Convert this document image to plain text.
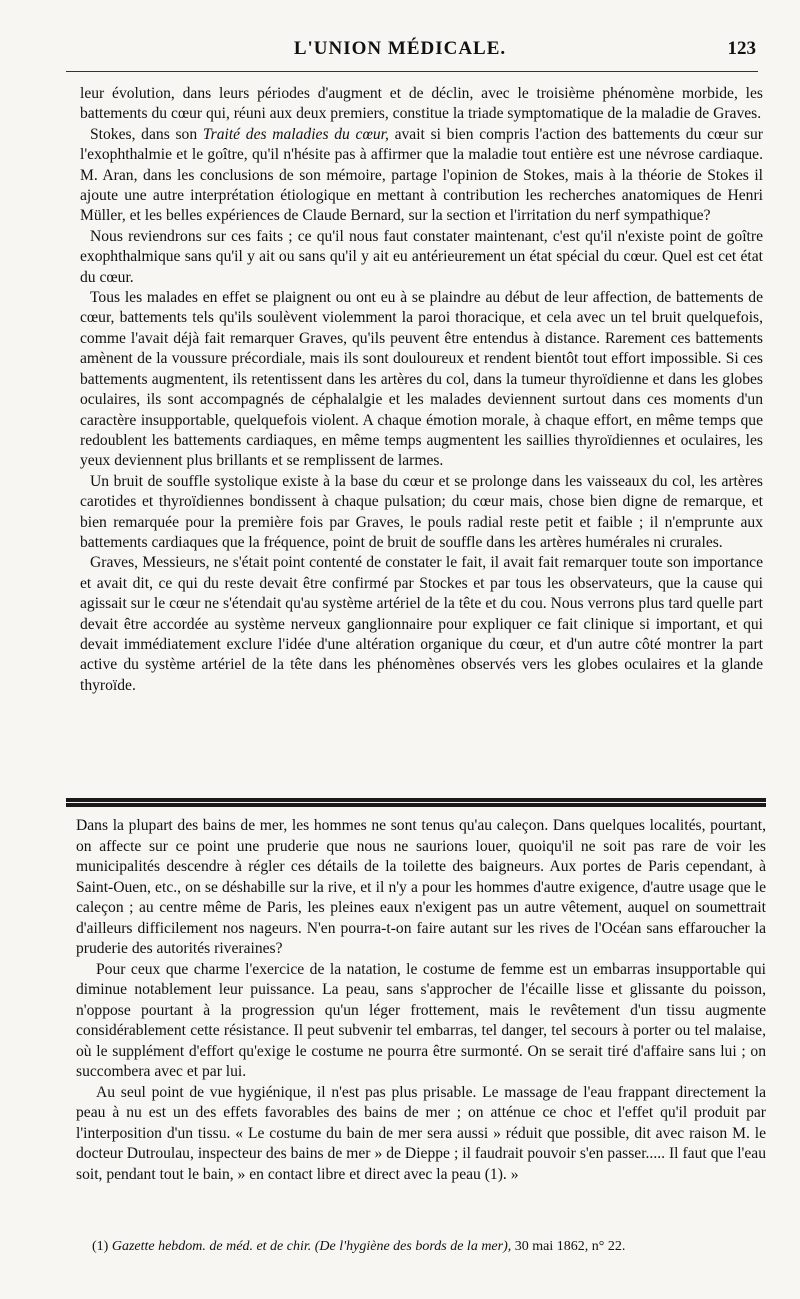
L'UNION MÉDICALE.	123

leur évolution, dans leurs périodes d'augment et de déclin, avec le troisième phénomène morbide, les battements du cœur qui, réuni aux deux premiers, constitue la triade symptomatique de la maladie de Graves.

Stokes, dans son Traité des maladies du cœur, avait si bien compris l'action des battements du cœur sur l'exophthalmie et le goître, qu'il n'hésite pas à affirmer que la maladie tout entière est une névrose cardiaque. M. Aran, dans les conclusions de son mémoire, partage l'opinion de Stokes, mais à la théorie de Stokes il ajoute une autre interprétation étiologique en mettant à contribution les recherches anatomiques de Henri Müller, et les belles expériences de Claude Bernard, sur la section et l'irritation du nerf sympathique?

Nous reviendrons sur ces faits ; ce qu'il nous faut constater maintenant, c'est qu'il n'existe point de goître exophthalmique sans qu'il y ait ou sans qu'il y ait eu antérieurement un état spécial du cœur. Quel est cet état du cœur.

Tous les malades en effet se plaignent ou ont eu à se plaindre au début de leur affection, de battements de cœur, battements tels qu'ils soulèvent violemment la paroi thoracique, et cela avec un tel bruit quelquefois, comme l'avait déjà fait remarquer Graves, qu'ils peuvent être entendus à distance. Rarement ces battements amènent de la voussure précordiale, mais ils sont douloureux et rendent bientôt tout effort impossible. Si ces battements augmentent, ils retentissent dans les artères du col, dans la tumeur thyroïdienne et dans les globes oculaires, ils sont accompagnés de céphalalgie et les malades deviennent surtout dans ces moments d'un caractère insupportable, quelquefois violent. A chaque émotion morale, à chaque effort, en même temps que redoublent les battements cardiaques, en même temps augmentent les saillies thyroïdiennes et oculaires, les yeux deviennent plus brillants et se remplissent de larmes.

Un bruit de souffle systolique existe à la base du cœur et se prolonge dans les vaisseaux du col, les artères carotides et thyroïdiennes bondissent à chaque pulsation; du cœur mais, chose bien digne de remarque, et bien remarquée pour la première fois par Graves, le pouls radial reste petit et faible ; il n'emprunte aux battements cardiaques que la fréquence, point de bruit de souffle dans les artères humérales ni crurales.

Graves, Messieurs, ne s'était point contenté de constater le fait, il avait fait remarquer toute son importance et avait dit, ce qui du reste devait être confirmé par Stockes et par tous les observateurs, que la cause qui agissait sur le cœur ne s'étendait qu'au système artériel de la tête et du cou. Nous verrons plus tard quelle part devait être accordée au système nerveux ganglionnaire pour expliquer ce fait clinique si important, et qui devait immédiatement exclure l'idée d'une altération organique du cœur, et d'un autre côté montrer la part active du système artériel de la tête dans les phénomènes observés vers les globes oculaires et la glande thyroïde.

Dans la plupart des bains de mer, les hommes ne sont tenus qu'au caleçon. Dans quelques localités, pourtant, on affecte sur ce point une pruderie que nous ne saurions louer, quoiqu'il ne soit pas rare de voir les municipalités descendre à régler ces détails de la toilette des baigneurs. Aux portes de Paris cependant, à Saint-Ouen, etc., on se déshabille sur la rive, et il n'y a pour les hommes d'autre exigence, d'autre usage que le caleçon ; au centre même de Paris, les pleines eaux n'exigent pas un autre vêtement, auquel on soumettrait d'ailleurs difficilement nos nageurs. N'en pourra-t-on faire autant sur les rives de l'Océan sans effaroucher la pruderie des autorités riveraines?

Pour ceux que charme l'exercice de la natation, le costume de femme est un embarras insupportable qui diminue notablement leur puissance. La peau, sans s'approcher de l'écaille lisse et glissante du poisson, n'oppose pourtant à la progression qu'un léger frottement, mais le revêtement d'un tissu augmente considérablement cette résistance. Il peut subvenir tel embarras, tel danger, tel secours à porter ou tel malaise, où le supplément d'effort qu'exige le costume ne pourra être surmonté. On se serait tiré d'affaire sans lui ; on succombera avec et par lui.

Au seul point de vue hygiénique, il n'est pas plus prisable. Le massage de l'eau frappant directement la peau à nu est un des effets favorables des bains de mer ; on atténue ce choc et l'effet qu'il produit par l'interposition d'un tissu. « Le costume du bain de mer sera aussi » réduit que possible, dit avec raison M. le docteur Dutroulau, inspecteur des bains de mer » de Dieppe ; il faudrait pouvoir s'en passer..... Il faut que l'eau soit, pendant tout le bain, » en contact libre et direct avec la peau (1). »

(1) Gazette hebdom. de méd. et de chir. (De l'hygiène des bords de la mer), 30 mai 1862, n° 22.
